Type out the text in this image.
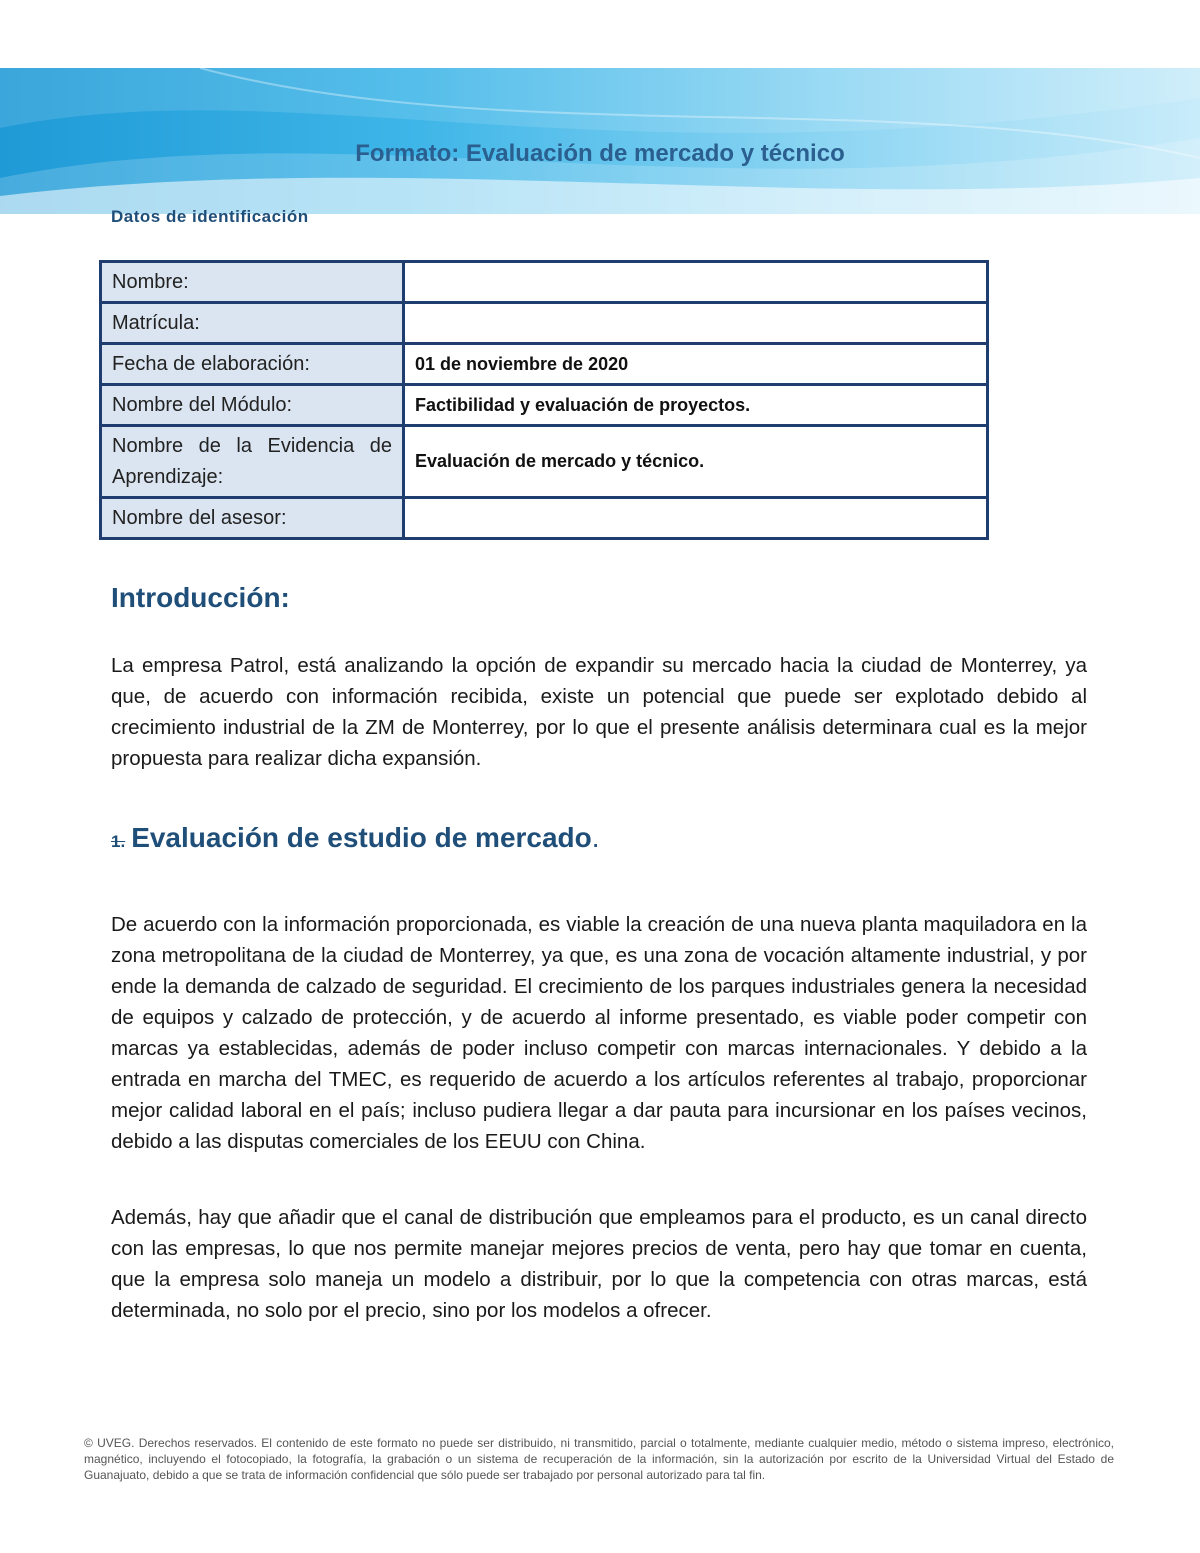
Formato: Evaluación de mercado y técnico
Datos de identificación
Nombre:	
Matrícula:	
Fecha de elaboración:	01 de noviembre de 2020
Nombre del Módulo:	Factibilidad y evaluación de proyectos.
Nombre de la Evidencia de Aprendizaje:	Evaluación de mercado y técnico.
Nombre del asesor:	
Introducción:
La empresa Patrol, está analizando la opción de expandir su mercado hacia la ciudad de Monterrey, ya que, de acuerdo con información recibida, existe un potencial que puede ser explotado debido al crecimiento industrial de la ZM de Monterrey, por lo que el presente análisis determinara cual es la mejor propuesta para realizar dicha expansión.
1. Evaluación de estudio de mercado.
De acuerdo con la información proporcionada, es viable la creación de una nueva planta maquiladora en la zona metropolitana de la ciudad de Monterrey, ya que, es una zona de vocación altamente industrial, y por ende la demanda de calzado de seguridad. El crecimiento de los parques industriales genera la necesidad de equipos y calzado de protección, y de acuerdo al informe presentado, es viable poder competir con marcas ya establecidas, además de poder incluso competir con marcas internacionales. Y debido a la entrada en marcha del TMEC, es requerido de acuerdo a los artículos referentes al trabajo, proporcionar mejor calidad laboral en el país; incluso pudiera llegar a dar pauta para incursionar en los países vecinos, debido a las disputas comerciales de los EEUU con China.
Además, hay que añadir que el canal de distribución que empleamos para el producto, es un canal directo con las empresas, lo que nos permite manejar mejores precios de venta, pero hay que tomar en cuenta, que la empresa solo maneja un modelo a distribuir, por lo que la competencia con otras marcas, está determinada, no solo por el precio, sino por los modelos a ofrecer.
© UVEG. Derechos reservados. El contenido de este formato no puede ser distribuido, ni transmitido, parcial o totalmente, mediante cualquier medio, método o sistema impreso, electrónico, magnético, incluyendo el fotocopiado, la fotografía, la grabación o un sistema de recuperación de la información, sin la autorización por escrito de la Universidad Virtual del Estado de Guanajuato, debido a que se trata de información confidencial que sólo puede ser trabajado por personal autorizado para tal fin.
